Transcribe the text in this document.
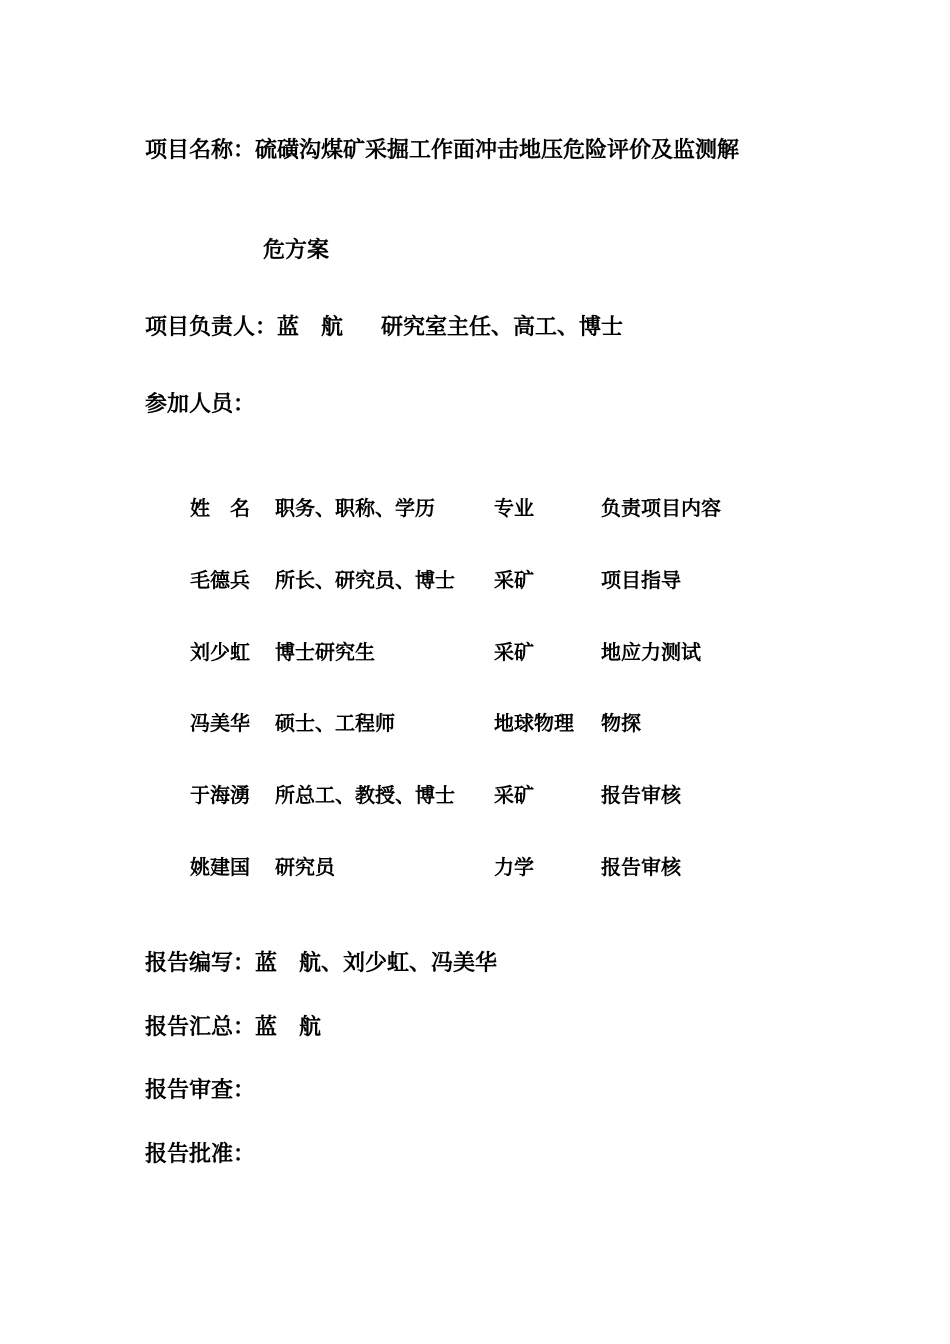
项目名称：硫磺沟煤矿采掘工作面冲击地压危险评价及监测解
危方案
项目负责人：蓝　航 研究室主任、高工、博士
参加人员：
姓　名 职务、职称、学历	专业	负责项目内容
毛德兵 所长、研究员、博士 采矿	项目指导
刘少虹 博士研究生	采矿	地应力测试
冯美华 硕士、工程师	地球物理 物探
于海湧 所总工、教授、博士 采矿	报告审核
姚建国 研究员	力学	报告审核
报告编写：蓝　航、刘少虹、冯美华
报告汇总：蓝　航
报告审查：
报告批准：
